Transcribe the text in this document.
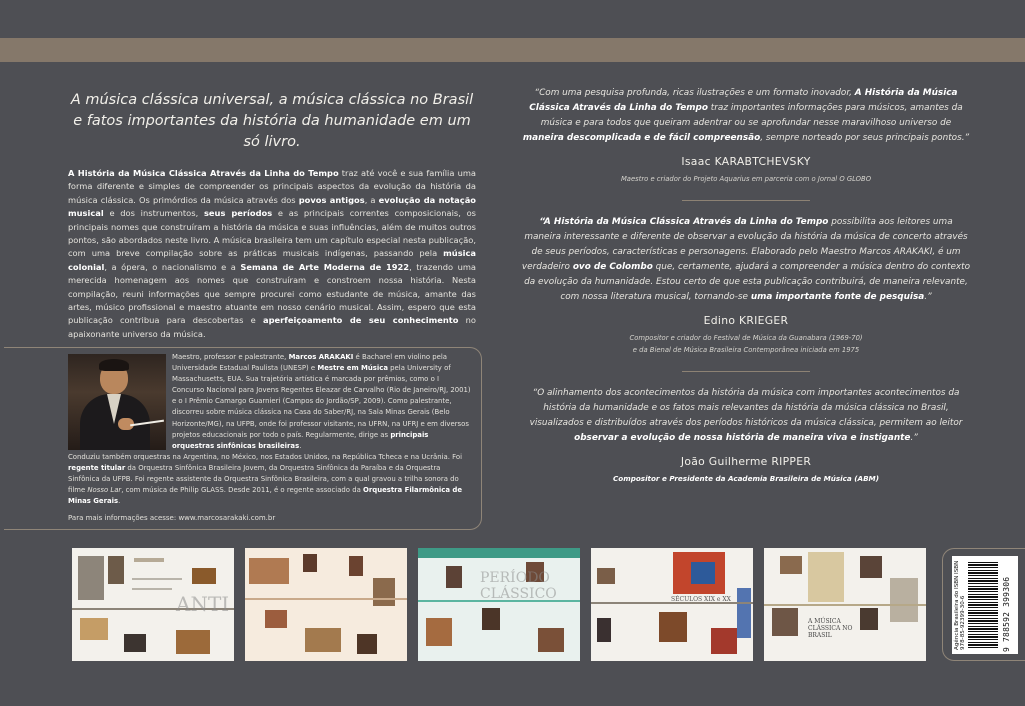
A música clássica universal, a música clássica no Brasil e fatos importantes da história da humanidade em um só livro.

A História da Música Clássica Através da Linha do Tempo traz até você e sua família uma forma diferente e simples de compreender os principais aspectos da evolução da história da música clássica. Os primórdios da música através dos povos antigos, a evolução da notação musical e dos instrumentos, seus períodos e as principais correntes composicionais, os principais nomes que construíram a história da música e suas influências, além de muitos outros pontos, são abordados neste livro. A música brasileira tem um capítulo especial nesta publicação, com uma breve compilação sobre as práticas musicais indígenas, passando pela música colonial, a ópera, o nacionalismo e a Semana de Arte Moderna de 1922, trazendo uma merecida homenagem aos nomes que construíram e constroem nossa história. Nesta compilação, reuni informações que sempre procurei como estudante de música, amante das artes, músico profissional e maestro atuante em nosso cenário musical. Assim, espero que esta publicação contribua para descobertas e aperfeiçoamento de seu conhecimento no apaixonante universo da música.
Maestro, professor e palestrante, Marcos ARAKAKI é Bacharel em violino pela Universidade Estadual Paulista (UNESP) e Mestre em Música pela University of Massachusetts, EUA. Sua trajetória artística é marcada por prêmios, como o I Concurso Nacional para Jovens Regentes Eleazar de Carvalho (Rio de Janeiro/RJ, 2001) e o I Prêmio Camargo Guarnieri (Campos do Jordão/SP, 2009). Como palestrante, discorreu sobre música clássica na Casa do Saber/RJ, na Sala Minas Gerais (Belo Horizonte/MG), na UFPB, onde foi professor visitante, na UFRN, na UFRJ e em diversos projetos educacionais por todo o país. Regularmente, dirige as principais orquestras sinfônicas brasileiras.
Conduziu também orquestras na Argentina, no México, nos Estados Unidos, na República Tcheca e na Ucrânia. Foi regente titular da Orquestra Sinfônica Brasileira Jovem, da Orquestra Sinfônica da Paraíba e da Orquestra Sinfônica da UFPB. Foi regente assistente da Orquestra Sinfônica Brasileira, com a qual gravou a trilha sonora do filme Nosso Lar, com música de Philip GLASS. Desde 2011, é o regente associado da Orquestra Filarmônica de Minas Gerais.
Para mais informações acesse: www.marcosarakaki.com.br
“Com uma pesquisa profunda, ricas ilustrações e um formato inovador, A História da Música Clássica Através da Linha do Tempo traz importantes informações para músicos, amantes da música e para todos que queiram adentrar ou se aprofundar nesse maravilhoso universo de maneira descomplicada e de fácil compreensão, sempre norteado por seus principais pontos.”
Isaac KARABTCHEVSKY
Maestro e criador do Projeto Aquarius em parceria com o Jornal O GLOBO
“A História da Música Clássica Através da Linha do Tempo possibilita aos leitores uma maneira interessante e diferente de observar a evolução da história da música de concerto através de seus períodos, características e personagens. Elaborado pelo Maestro Marcos ARAKAKI, é um verdadeiro ovo de Colombo que, certamente, ajudará a compreender a música dentro do contexto da evolução da humanidade. Estou certo de que esta publicação contribuirá, de maneira relevante, com nossa literatura musical, tornando-se uma importante fonte de pesquisa.”
Edino KRIEGER
Compositor e criador do Festival de Música da Guanabara (1969-70)
e da Bienal de Música Brasileira Contemporânea iniciada em 1975
“O alinhamento dos acontecimentos da história da música com importantes acontecimentos da história da humanidade e os fatos mais relevantes da história da música clássica no Brasil, visualizados e distribuídos através dos períodos históricos da música clássica, permitem ao leitor observar a evolução de nossa história de maneira viva e instigante.”
João Guilherme RIPPER
Compositor e Presidente da Academia Brasileira de Música (ABM)
ANTI
PERÍODO CLÁSSICO	SÉCULOS XIX e XX
A MÚSICA CLÁSSICA NO BRASIL	Agência Brasileira do ISBN ISBN 978-85-92399-30-6	9 788592 399306
